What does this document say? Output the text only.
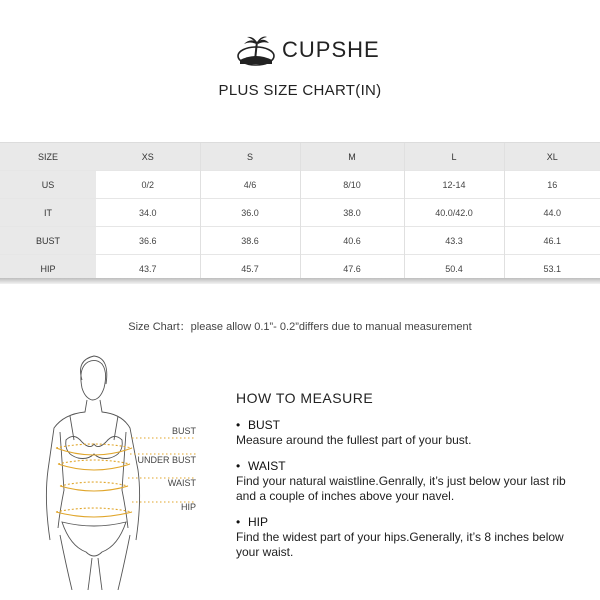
CUPSHE
PLUS SIZE CHART(IN)
SIZE	XS	S	M	L	XL
US	0/2	4/6	8/10	12-14	16
IT	34.0	36.0	38.0	40.0/42.0	44.0
BUST	36.6	38.6	40.6	43.3	46.1
HIP	43.7	45.7	47.6	50.4	53.1
Size Chart：please allow 0.1”- 0.2”differs due to manual measurement
BUST
UNDER BUST
WAIST
HIP
HOW TO MEASURE
• BUST
Measure around the fullest part of your bust.
• WAIST
Find your natural waistline.Genrally, it’s just below your last rib and a couple of inches above your navel.
• HIP
Find the widest part of your hips.Generally, it’s 8 inches below your waist.
